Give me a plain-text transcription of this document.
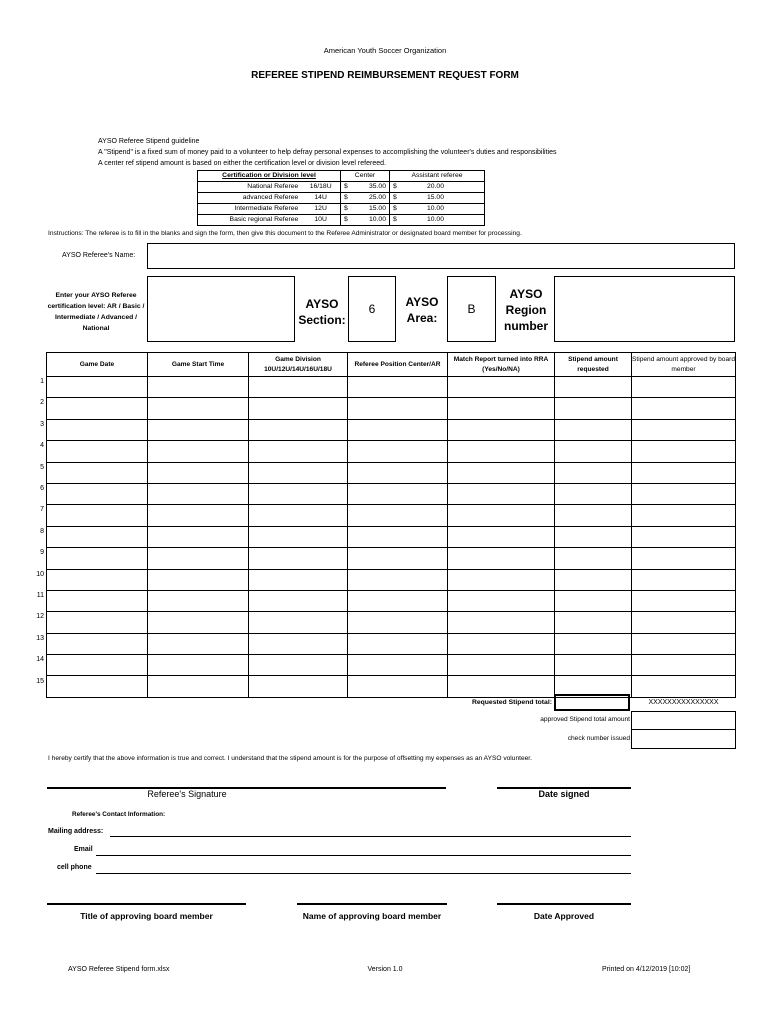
American Youth Soccer Organization
REFEREE STIPEND REIMBURSEMENT REQUEST FORM
AYSO Referee Stipend guideline
A "Stipend" is a fixed sum of money paid to a volunteer to help defray personal expenses to accomplishing the volunteer's duties and responsibilities
A center ref stipend amount is based on either the certification level or division level refereed.
Certification or Division level		Center		Assistant referee	
National Referee	16/18U	$	35.00	$	20.00
advanced Referee	14U	$	25.00	$	15.00
Intermediate Referee	12U	$	15.00	$	10.00
Basic regional Referee	10U	$	10.00	$	10.00
Instructions: The referee is to fill in the blanks and sign the form, then give this document to the Referee Administrator or designated board member for processing.
AYSO Referee's Name:
Enter your AYSO Referee certification level: AR / Basic / Intermediate / Advanced / National
AYSO Section:
6	AYSO Area:
B
AYSO Region number
Game Date	Game Start Time	Game Division 10U/12U/14U/16U/18U	Referee Position Center/AR	Match Report turned into RRA (Yes/No/NA)	Stipend amount requested	Stipend amount approved by board member

1
2
3
4
5
6
7
8
9
10
11
12
13
14
15
Requested Stipend total:	XXXXXXXXXXXXXXX
approved Stipend total amount
check number issued
I hereby certify that the above information is true and correct. I understand that the stipend amount is for the purpose of offsetting my expenses as an AYSO volunteer.
Referee's Signature	Date signed
Referee's Contact Information:
Mailing address:
Email
cell phone
Title of approving board member	Name of approving board member	Date Approved
AYSO Referee Stipend form.xlsx	Version 1.0	Printed on 4/12/2019 [10:02]
